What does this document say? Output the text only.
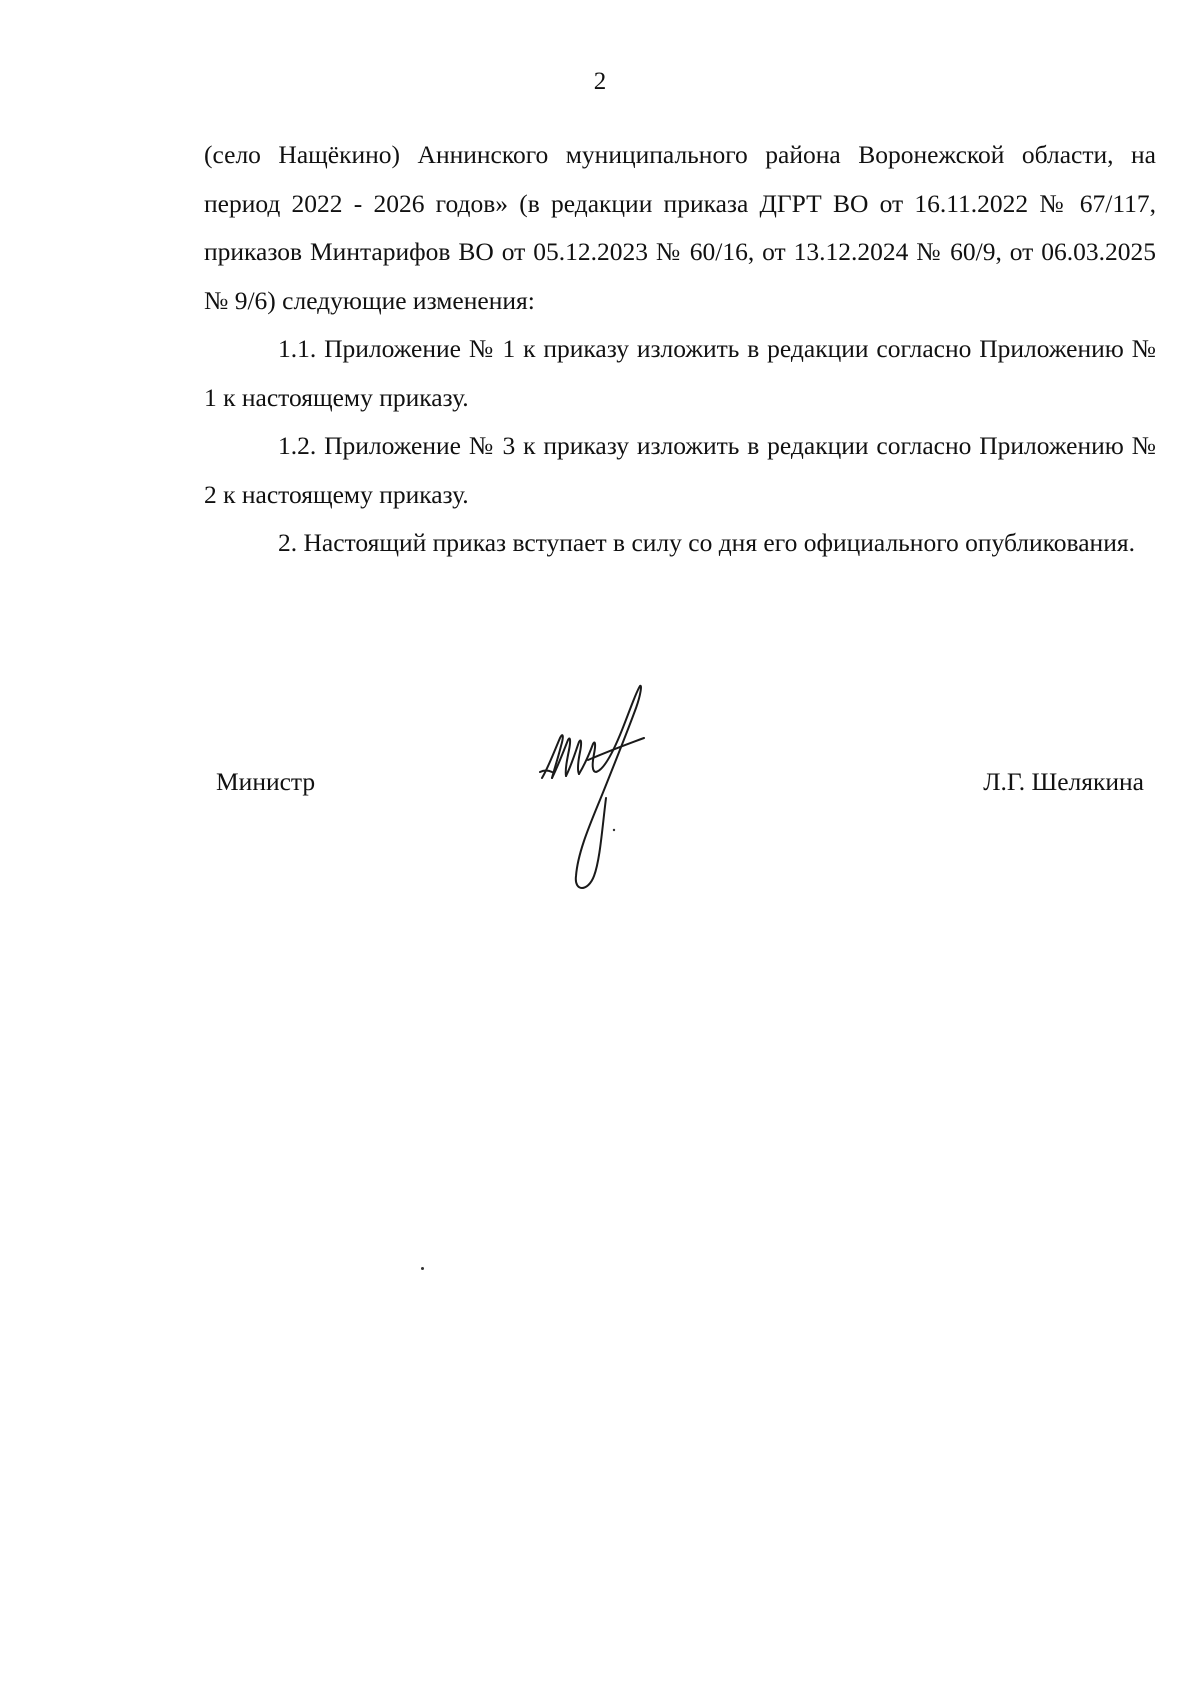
2

(село Нащёкино) Аннинского муниципального района Воронежской области, на период 2022 - 2026 годов» (в редакции приказа ДГРТ ВО от 16.11.2022 № 67/117, приказов Минтарифов ВО от 05.12.2023 № 60/16, от 13.12.2024 № 60/9, от 06.03.2025 № 9/6) следующие изменения:

1.1. Приложение № 1 к приказу изложить в редакции согласно Приложению № 1 к настоящему приказу.

1.2. Приложение № 3 к приказу изложить в редакции согласно Приложению № 2 к настоящему приказу.

2. Настоящий приказ вступает в силу со дня его официального опубликования.

Министр	Л.Г. Шелякина
